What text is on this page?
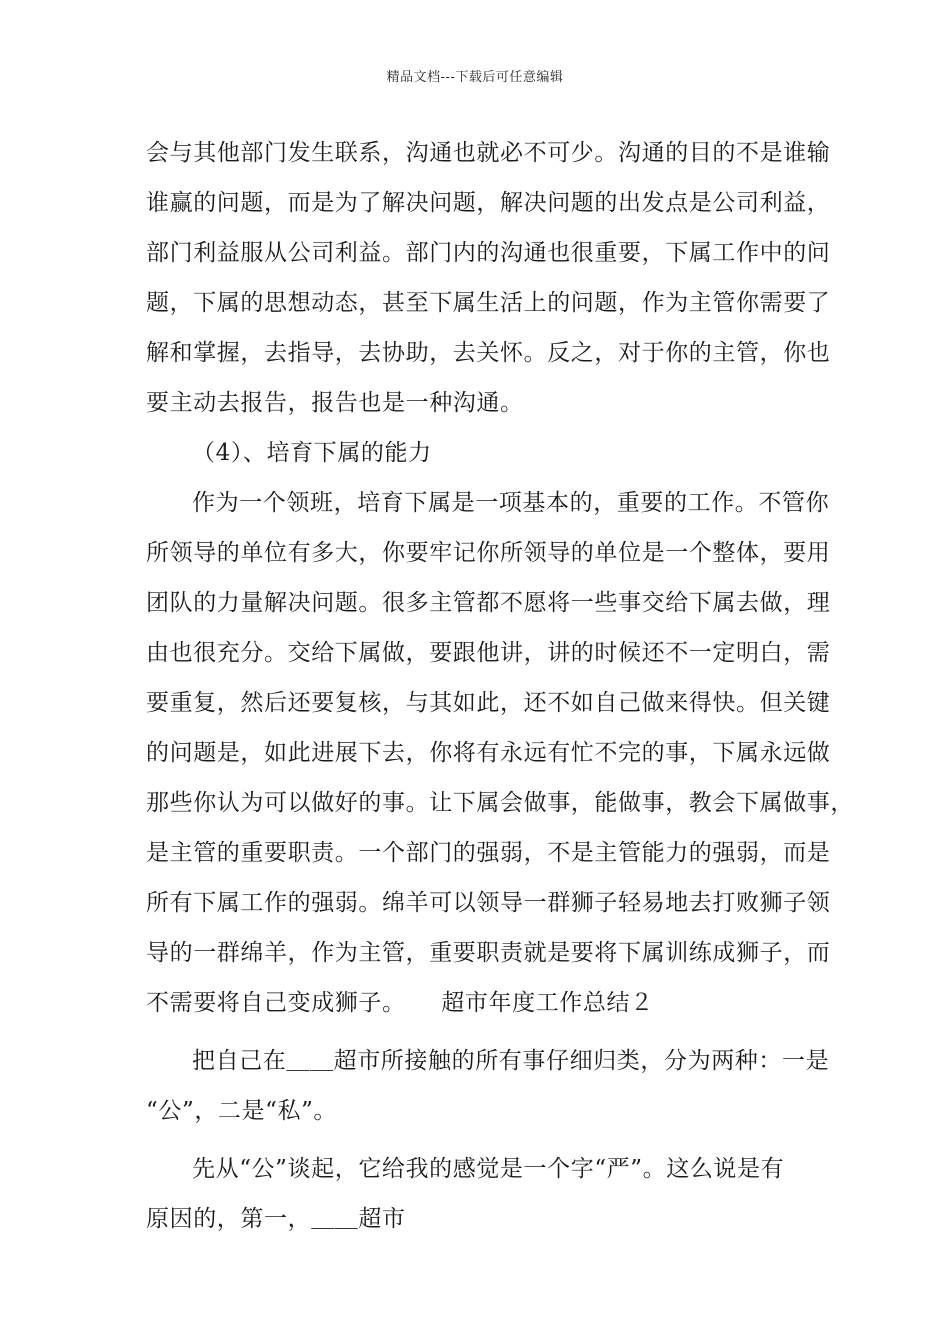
精品文档---下载后可任意编辑
会与其他部门发生联系，沟通也就必不可少。沟通的目的不是谁输
谁赢的问题，而是为了解决问题，解决问题的出发点是公司利益，
部门利益服从公司利益。部门内的沟通也很重要，下属工作中的问
题，下属的思想动态，甚至下属生活上的问题，作为主管你需要了
解和掌握，去指导，去协助，去关怀。反之，对于你的主管，你也
要主动去报告，报告也是一种沟通。
（4）、培育下属的能力
作为一个领班，培育下属是一项基本的，重要的工作。不管你
所领导的单位有多大，你要牢记你所领导的单位是一个整体，要用
团队的力量解决问题。很多主管都不愿将一些事交给下属去做，理
由也很充分。交给下属做，要跟他讲，讲的时候还不一定明白，需
要重复，然后还要复核，与其如此，还不如自己做来得快。但关键
的问题是，如此进展下去，你将有永远有忙不完的事，下属永远做
那些你认为可以做好的事。让下属会做事，能做事，教会下属做事，
是主管的重要职责。一个部门的强弱，不是主管能力的强弱，而是
所有下属工作的强弱。绵羊可以领导一群狮子轻易地去打败狮子领
导的一群绵羊，作为主管，重要职责就是要将下属训练成狮子，而
不需要将自己变成狮子。　　超市年度工作总结２
把自己在＿＿超市所接触的所有事仔细归类，分为两种：一是
“公”，二是“私”。
先从“公”谈起，它给我的感觉是一个字“严”。这么说是有
原因的，第一，＿＿超市
